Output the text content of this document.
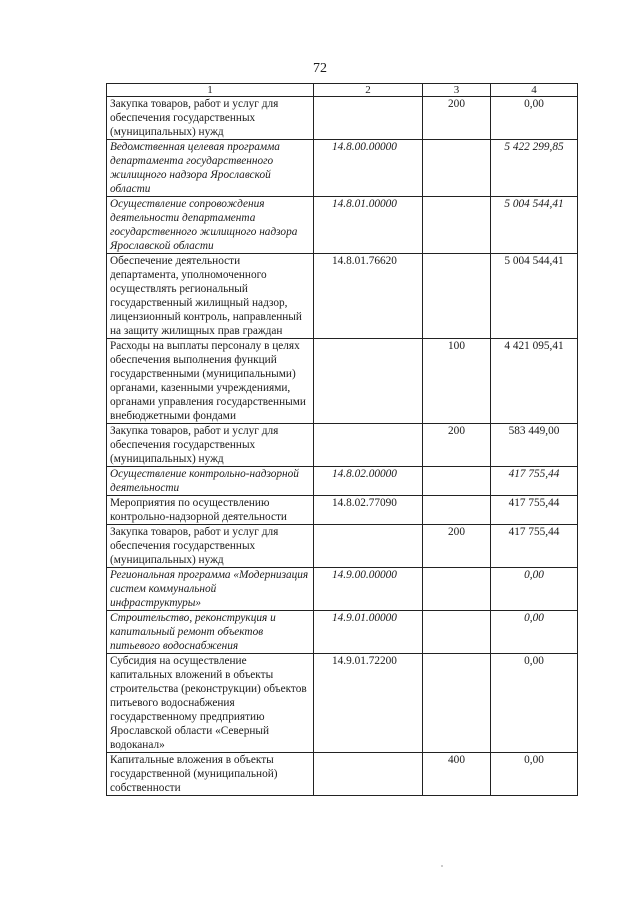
72
1	2	3	4
Закупка товаров, работ и услуг для обеспечения государственных (муниципальных) нужд		200	0,00
Ведомственная целевая программа департамента государственного жилищного надзора Ярославской области	14.8.00.00000		5 422 299,85
Осуществление сопровождения деятельности департамента государственного жилищного надзора Ярославской области	14.8.01.00000		5 004 544,41
Обеспечение деятельности департамента, уполномоченного осуществлять региональный государственный жилищный надзор, лицензионный контроль, направленный на защиту жилищных прав граждан	14.8.01.76620		5 004 544,41
Расходы на выплаты персоналу в целях обеспечения выполнения функций государственными (муниципальными) органами, казенными учреждениями, органами управления государственными внебюджетными фондами		100	4 421 095,41
Закупка товаров, работ и услуг для обеспечения государственных (муниципальных) нужд		200	583 449,00
Осуществление контрольно-надзорной деятельности	14.8.02.00000		417 755,44
Мероприятия по осуществлению контрольно-надзорной деятельности	14.8.02.77090		417 755,44
Закупка товаров, работ и услуг для обеспечения государственных (муниципальных) нужд		200	417 755,44
Региональная программа «Модернизация систем коммунальной инфраструктуры»	14.9.00.00000		0,00
Строительство, реконструкция и капитальный ремонт объектов питьевого водоснабжения	14.9.01.00000		0,00
Субсидия на осуществление капитальных вложений в объекты строительства (реконструкции) объектов питьевого водоснабжения государственному предприятию Ярославской области «Северный водоканал»	14.9.01.72200		0,00
Капитальные вложения в объекты государственной (муниципальной) собственности		400	0,00
